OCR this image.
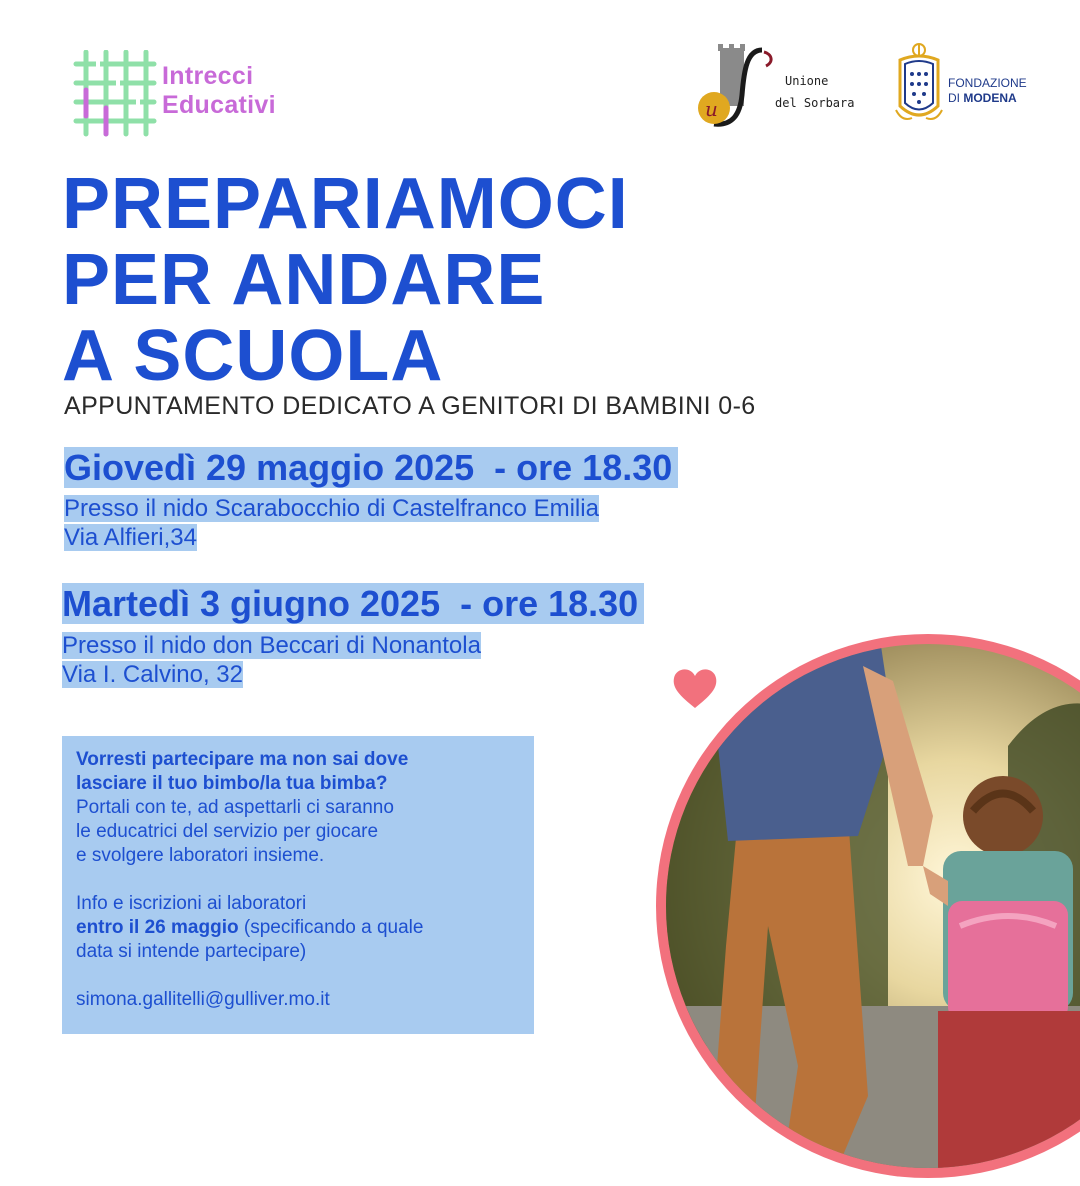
Intrecci
Educativi	u
Unione
del Sorbara
FONDAZIONE
DI MODENA
PREPARIAMOCI
PER ANDARE
A SCUOLA
APPUNTAMENTO DEDICATO A GENITORI DI BAMBINI 0-6
Giovedì 29 maggio 2025  - ore 18.30
Presso il nido Scarabocchio di Castelfranco Emilia
Via Alfieri,34
Martedì 3 giugno 2025  - ore 18.30
Presso il nido don Beccari di Nonantola
Via I. Calvino, 32

Vorresti partecipare ma non sai dove

lasciare il tuo bimbo/la tua bimba?

Portali con te, ad aspettarli ci saranno

le educatrici del servizio per giocare

e svolgere laboratori insieme.

Info e iscrizioni ai laboratori

entro il 26 maggio (specificando a quale

data si intende partecipare)

simona.gallitelli@gulliver.mo.it
